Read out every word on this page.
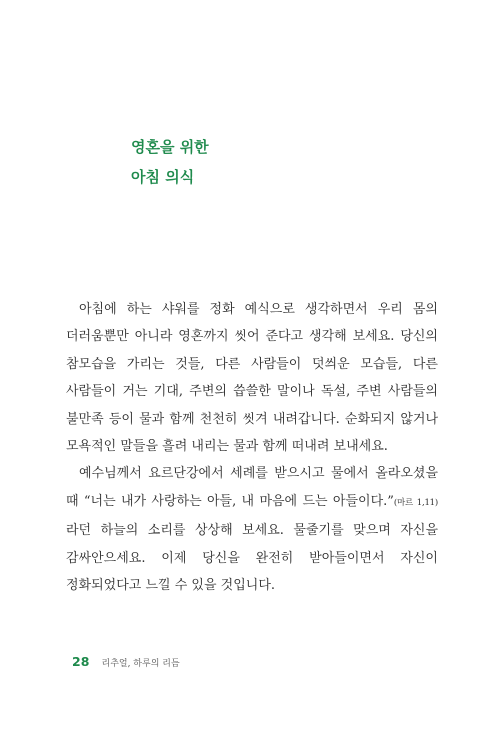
영혼을 위한
아침 의식

아침에 하는 샤워를 정화 예식으로 생각하면서 우리 몸의 더러움뿐만 아니라 영혼까지 씻어 준다고 생각해 보세요. 당신의 참모습을 가리는 것들, 다른 사람들이 덧씌운 모습들, 다른 사람들이 거는 기대, 주변의 씁쓸한 말이나 독설, 주변 사람들의 불만족 등이 물과 함께 천천히 씻겨 내려갑니다. 순화되지 않거나 모욕적인 말들을 흘려 내리는 물과 함께 떠내려 보내세요.

예수님께서 요르단강에서 세례를 받으시고 물에서 올라오셨을 때 “너는 내가 사랑하는 아들, 내 마음에 드는 아들이다.”(마르 1,11)라던 하늘의 소리를 상상해 보세요. 물줄기를 맞으며 자신을 감싸안으세요. 이제 당신을 완전히 받아들이면서 자신이 정화되었다고 느낄 수 있을 것입니다.

28 리추얼, 하루의 리듬
